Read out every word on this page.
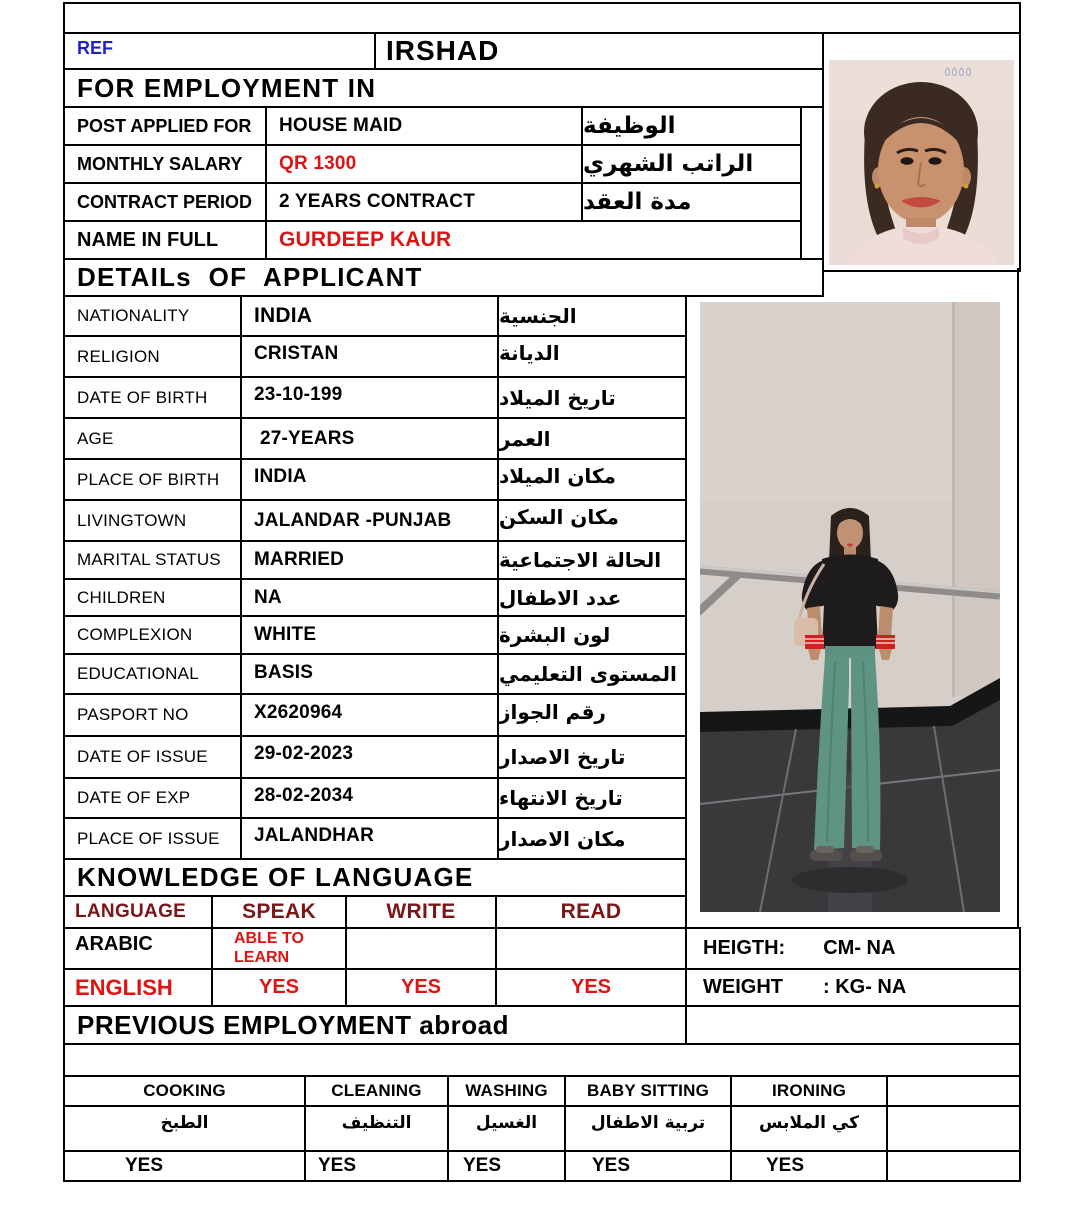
REF	IRSHAD
FOR EMPLOYMENT IN
POST APPLIED FOR	HOUSE MAID	الوظيفة
MONTHLY SALARY	QR 1300	الراتب الشهري
CONTRACT PERIOD	2 YEARS CONTRACT	مدة العقد
NAME IN FULL	GURDEEP KAUR
DETAILs  OF  APPLICANT
٥٥٥٥
NATIONALITY	INDIA	الجنسية
RELIGION	CRISTAN	الديانة
DATE OF BIRTH	23-10-199	تاريخ الميلاد
AGE	27-YEARS	العمر
PLACE OF BIRTH	INDIA	مكان الميلاد
LIVINGTOWN	JALANDAR -PUNJAB	مكان السكن
MARITAL STATUS	MARRIED	الحالة الاجتماعية
CHILDREN	NA	عدد الاطفال
COMPLEXION	WHITE	لون البشرة
EDUCATIONAL	BASIS	المستوى التعليمي
PASPORT NO	X2620964	رقم الجواز
DATE OF ISSUE	29-02-2023	تاريخ الاصدار
DATE OF EXP	28-02-2034	تاريخ الانتهاء
PLACE OF ISSUE	JALANDHAR	مكان الاصدار
KNOWLEDGE OF LANGUAGE
LANGUAGE	SPEAK	WRITE	READ
ARABIC	ABLE TO LEARN
ENGLISH	YES	YES	YES
HEIGTH: CM- NA
WEIGHT : KG- NA
PREVIOUS EMPLOYMENT abroad
COOKING	CLEANING	WASHING	BABY SITTING	IRONING
الطبخ	التنظيف	الغسيل	تربية الاطفال	كي الملابس
YES	YES	YES	YES	YES
